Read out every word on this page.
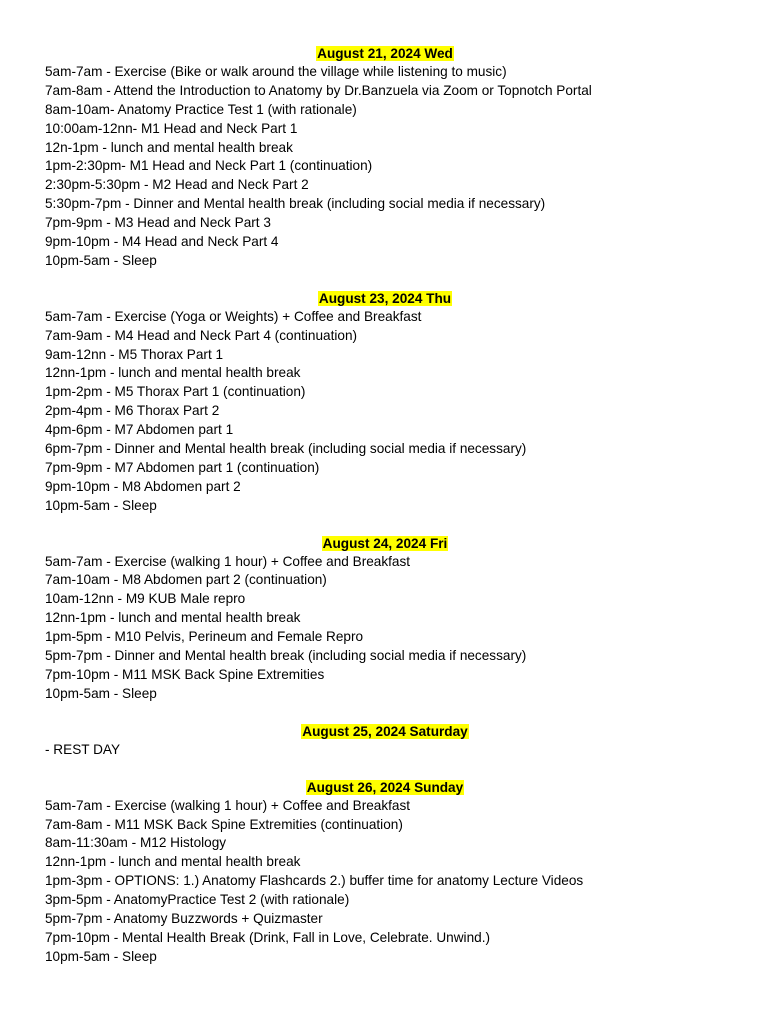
August 21, 2024 Wed
5am-7am - Exercise (Bike or walk around the village while listening to music)
7am-8am - Attend the Introduction to Anatomy by Dr.Banzuela via Zoom or Topnotch Portal
8am-10am- Anatomy Practice Test 1 (with rationale)
10:00am-12nn- M1 Head and Neck Part 1
12n-1pm - lunch and mental health break
1pm-2:30pm- M1 Head and Neck Part 1 (continuation)
2:30pm-5:30pm - M2 Head and Neck Part 2
5:30pm-7pm - Dinner and Mental health break (including social media if necessary)
7pm-9pm - M3 Head and Neck Part 3
9pm-10pm - M4 Head and Neck Part 4
10pm-5am - Sleep
August 23, 2024 Thu
5am-7am - Exercise (Yoga or Weights) + Coffee and Breakfast
7am-9am - M4 Head and Neck Part 4 (continuation)
9am-12nn - M5 Thorax Part 1
12nn-1pm - lunch and mental health break
1pm-2pm - M5 Thorax Part 1 (continuation)
2pm-4pm - M6 Thorax Part 2
4pm-6pm - M7 Abdomen part 1
6pm-7pm - Dinner and Mental health break (including social media if necessary)
7pm-9pm - M7 Abdomen part 1 (continuation)
9pm-10pm - M8 Abdomen part 2
10pm-5am - Sleep
August 24, 2024 Fri
5am-7am - Exercise (walking 1 hour) + Coffee and Breakfast
7am-10am - M8 Abdomen part 2 (continuation)
10am-12nn - M9 KUB Male repro
12nn-1pm - lunch and mental health break
1pm-5pm - M10 Pelvis, Perineum and Female Repro
5pm-7pm - Dinner and Mental health break (including social media if necessary)
7pm-10pm - M11 MSK Back Spine Extremities
10pm-5am - Sleep
August 25, 2024 Saturday
- REST DAY
August 26, 2024 Sunday
5am-7am - Exercise (walking 1 hour) + Coffee and Breakfast
7am-8am - M11 MSK Back Spine Extremities (continuation)
8am-11:30am - M12 Histology
12nn-1pm - lunch and mental health break
1pm-3pm - OPTIONS: 1.) Anatomy Flashcards 2.) buffer time for anatomy Lecture Videos
3pm-5pm - AnatomyPractice Test 2 (with rationale)
5pm-7pm - Anatomy Buzzwords + Quizmaster
7pm-10pm - Mental Health Break (Drink, Fall in Love, Celebrate. Unwind.)
10pm-5am - Sleep
